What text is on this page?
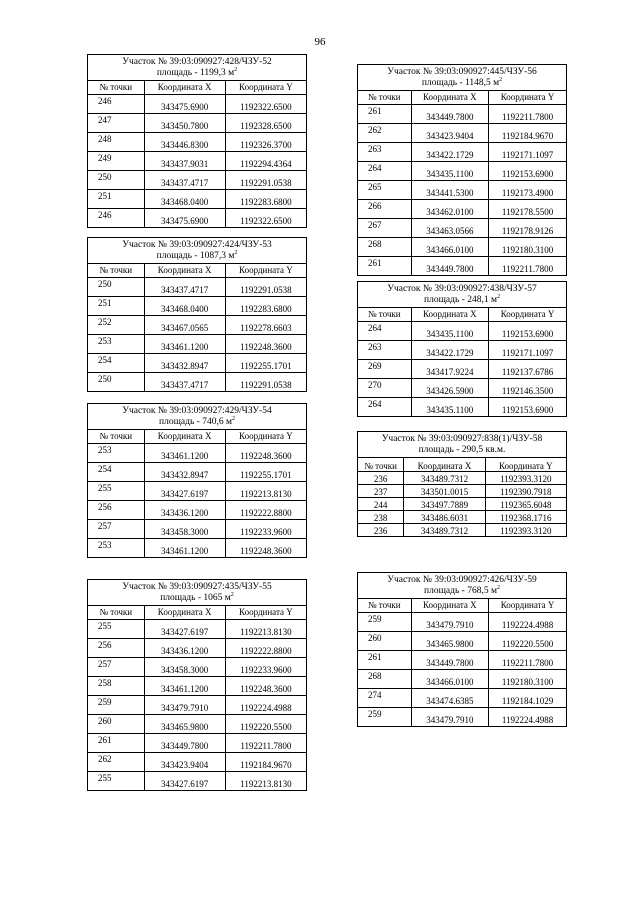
96
Участок № 39:03:090927:428/ЧЗУ-52
площадь - 1199,3 $м^2$

№ точки	Координата X	Координата Y
246	343475.6900	1192322.6500
247	343450.7800	1192328.6500
248	343446.8300	1192326.3700
249	343437.9031	1192294.4364
250	343437.4717	1192291.0538
251	343468.0400	1192283.6800
246	343475.6900	1192322.6500
Участок № 39:03:090927:424/ЧЗУ-53
площадь - 1087,3 $м^2$

№ точки	Координата X	Координата Y
250	343437.4717	1192291.0538
251	343468.0400	1192283.6800
252	343467.0565	1192278.6603
253	343461.1200	1192248.3600
254	343432.8947	1192255.1701
250	343437.4717	1192291.0538
Участок № 39:03:090927:429/ЧЗУ-54
площадь - 740,6 $м^2$

№ точки	Координата X	Координата Y
253	343461.1200	1192248.3600
254	343432.8947	1192255.1701
255	343427.6197	1192213.8130
256	343436.1200	1192222.8800
257	343458.3000	1192233.9600
253	343461.1200	1192248.3600
Участок № 39:03:090927:435/ЧЗУ-55
площадь - 1065 $м^2$

№ точки	Координата X	Координата Y
255	343427.6197	1192213.8130
256	343436.1200	1192222.8800
257	343458.3000	1192233.9600
258	343461.1200	1192248.3600
259	343479.7910	1192224.4988
260	343465.9800	1192220.5500
261	343449.7800	1192211.7800
262	343423.9404	1192184.9670
255	343427.6197	1192213.8130
Участок № 39:03:090927:445/ЧЗУ-56
площадь - 1148,5 $м^2$

№ точки	Координата X	Координата Y
261	343449.7800	1192211.7800
262	343423.9404	1192184.9670
263	343422.1729	1192171.1097
264	343435.1100	1192153.6900
265	343441.5300	1192173.4900
266	343462.0100	1192178.5500
267	343463.0566	1192178.9126
268	343466.0100	1192180.3100
261	343449.7800	1192211.7800
Участок № 39:03:090927:438/ЧЗУ-57
площадь - 248,1 $м^2$

№ точки	Координата X	Координата Y
264	343435.1100	1192153.6900
263	343422.1729	1192171.1097
269	343417.9224	1192137.6786
270	343426.5900	1192146.3500
264	343435.1100	1192153.6900
Участок № 39:03:090927:838(1)/ЧЗУ-58
площадь - 290,5 кв.м.		

№ точки	Координата X	Координата Y
236	343489.7312	1192393.3120
237	343501.0015	1192390.7918
244	343497.7889	1192365.6048
238	343486.6031	1192368.1716
236	343489.7312	1192393.3120
Участок № 39:03:090927:426/ЧЗУ-59
площадь - 768,5 $м^2$

№ точки	Координата X	Координата Y
259	343479.7910	1192224.4988
260	343465.9800	1192220.5500
261	343449.7800	1192211.7800
268	343466.0100	1192180.3100
274	343474.6385	1192184.1029
259	343479.7910	1192224.4988
